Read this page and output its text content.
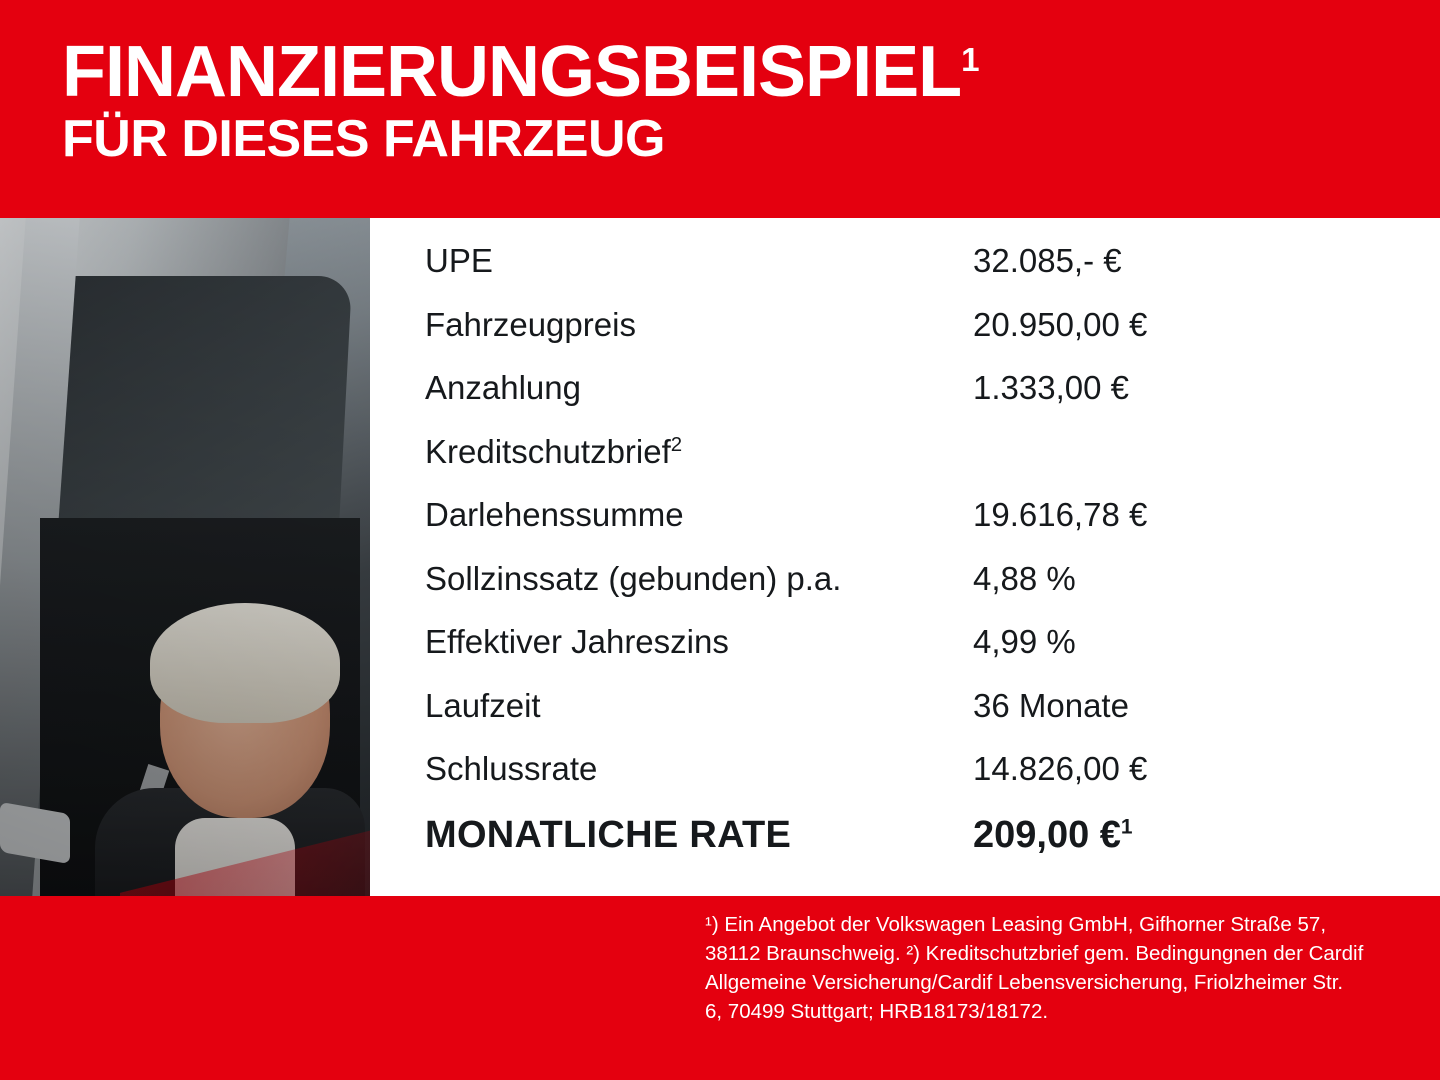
FINANZIERUNGSBEISPIEL$^1$
FÜR DIESES FAHRZEUG
UPE	32.085,- €
Fahrzeugpreis	20.950,00 €
Anzahlung	1.333,00 €
Kreditschutzbrief$^2$
Darlehenssumme	19.616,78 €
Sollzinssatz (gebunden) p.a.	4,88 %
Effektiver Jahreszins	4,99 %
Laufzeit	36 Monate
Schlussrate	14.826,00 €
MONATLICHE RATE	209,00 €$^1$
¹) Ein Angebot der Volkswagen Leasing GmbH, Gifhorner Straße 57, 38112 Braunschweig. ²) Kreditschutzbrief gem. Bedingungnen der Cardif Allgemeine Versicherung/Cardif Lebensversicherung, Friolzheimer Str. 6, 70499 Stuttgart; HRB18173/18172.
